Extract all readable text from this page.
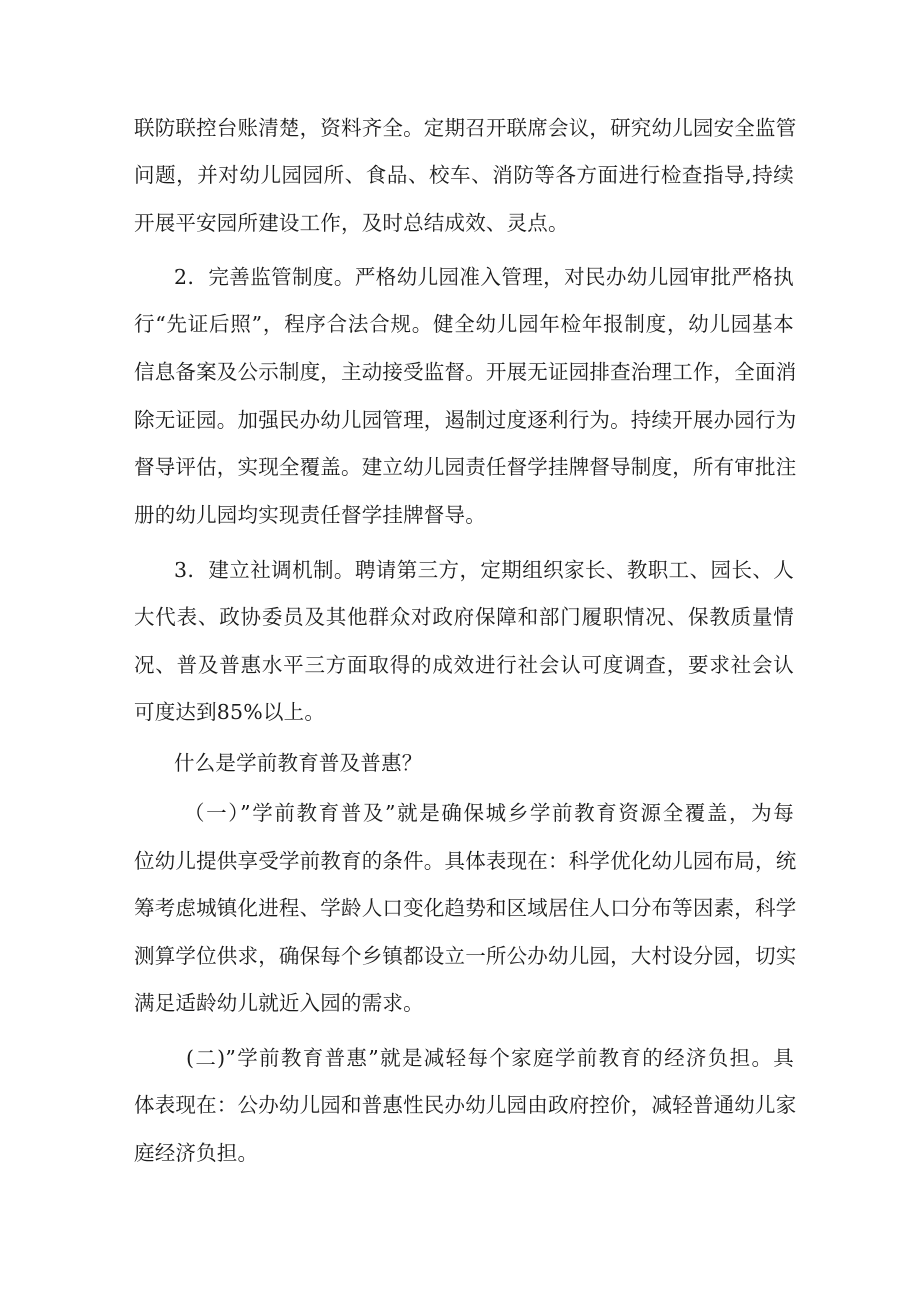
联防联控台账清楚，资料齐全。定期召开联席会议，研究幼儿园安全监管
问题，并对幼儿园园所、食品、校车、消防等各方面进行检查指导,持续
开展平安园所建设工作，及时总结成效、灵点。
2．完善监管制度。严格幼儿园准入管理，对民办幼儿园审批严格执
行“先证后照”，程序合法合规。健全幼儿园年检年报制度，幼儿园基本
信息备案及公示制度，主动接受监督。开展无证园排查治理工作，全面消
除无证园。加强民办幼儿园管理，遏制过度逐利行为。持续开展办园行为
督导评估，实现全覆盖。建立幼儿园责任督学挂牌督导制度，所有审批注
册的幼儿园均实现责任督学挂牌督导。
3．建立社调机制。聘请第三方，定期组织家长、教职工、园长、人
大代表、政协委员及其他群众对政府保障和部门履职情况、保教质量情
况、普及普惠水平三方面取得的成效进行社会认可度调查，要求社会认
可度达到85%以上。
什么是学前教育普及普惠？
（一）”学前教育普及”就是确保城乡学前教育资源全覆盖，为每
位幼儿提供享受学前教育的条件。具体表现在：科学优化幼儿园布局，统
筹考虑城镇化进程、学龄人口变化趋势和区域居住人口分布等因素，科学
测算学位供求，确保每个乡镇都设立一所公办幼儿园，大村设分园，切实
满足适龄幼儿就近入园的需求。
(二)”学前教育普惠”就是减轻每个家庭学前教育的经济负担。具
体表现在：公办幼儿园和普惠性民办幼儿园由政府控价，减轻普通幼儿家
庭经济负担。
